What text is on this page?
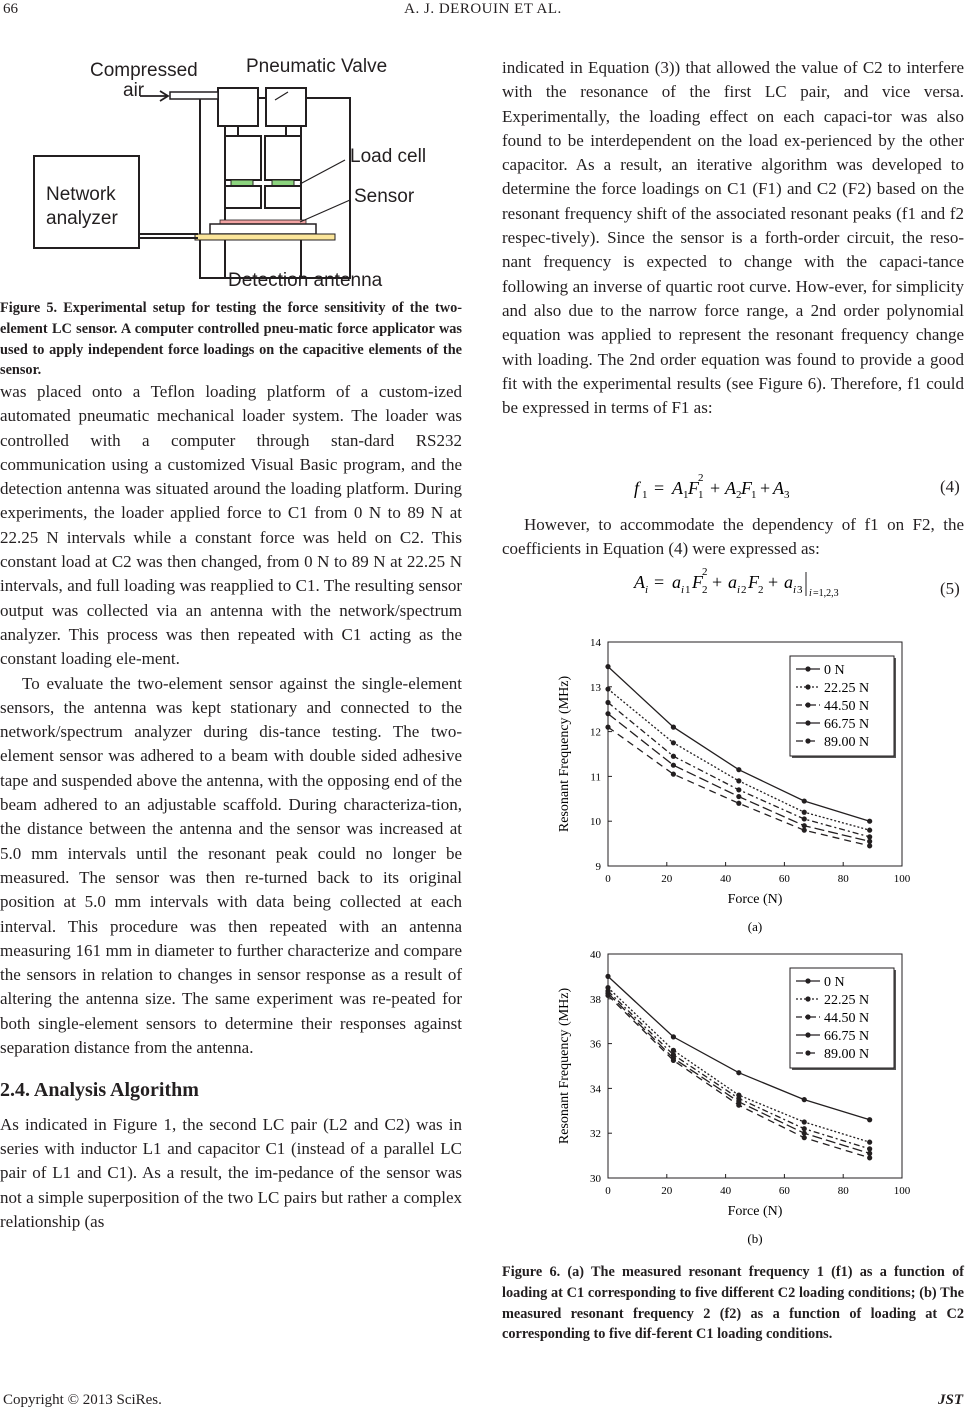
66	A. J. DEROUIN ET AL.
Compressed
air
Pneumatic Valve
Load cell
Sensor
Network
analyzer
Detection antenna
Figure 5. Experimental setup for testing the force sensitivity of the two-element LC sensor. A computer controlled pneu-matic force applicator was used to apply independent force loadings on the capacitive elements of the sensor.

was placed onto a Teflon loading platform of a custom-ized automated pneumatic mechanical loader system. The loader was controlled with a computer through stan-dard RS232 communication using a customized Visual Basic program, and the detection antenna was situated around the loading platform. During experiments, the loader applied force to C1 from 0 N to 89 N at 22.25 N intervals while a constant force was held on C2. This constant load at C2 was then changed, from 0 N to 89 N at 22.25 N intervals, and full loading was reapplied to C1. The resulting sensor output was collected via an antenna with the network/spectrum analyzer. This process was then repeated with C1 acting as the constant loading ele-ment.

To evaluate the two-element sensor against the single-element sensors, the antenna was kept stationary and connected to the network/spectrum analyzer during dis-tance testing. The two-element sensor was adhered to a beam with double sided adhesive tape and suspended above the antenna, with the opposing end of the beam adhered to an adjustable scaffold. During characteriza-tion, the distance between the antenna and the sensor was increased at 5.0 mm intervals until the resonant peak could no longer be measured. The sensor was then re-turned back to its original position at 5.0 mm intervals with data being collected at each interval. This procedure was then repeated with an antenna measuring 161 mm in diameter to further characterize and compare the sensors in relation to changes in sensor response as a result of altering the antenna size. The same experiment was re-peated for both single-element sensors to determine their responses against separation distance from the antenna.

2.4. Analysis Algorithm

As indicated in Figure 1, the second LC pair (L2 and C2) was in series with inductor L1 and capacitor C1 (instead of a parallel LC pair of L1 and C1). As a result, the im-pedance of the sensor was not a simple superposition of the two LC pairs but rather a complex relationship (as

indicated in Equation (3)) that allowed the value of C2 to interfere with the resonance of the first LC pair, and vice versa. Experimentally, the loading effect on each capaci-tor was also found to be interdependent on the load ex-perienced by the other capacitor. As a result, an iterative algorithm was developed to determine the force loadings on C1 (F1) and C2 (F2) based on the resonant frequency shift of the associated resonant peaks (f1 and f2 respec-tively). Since the sensor is a forth-order circuit, the reso-nant frequency is expected to change with the capaci-tance following an inverse of quartic root curve. How-ever, for simplicity and also due to the narrow force range, a 2nd order polynomial equation was applied to represent the resonant frequency change with loading. The 2nd order equation was found to provide a good fit with the experimental results (see Figure 6). Therefore, f1 could be expressed in terms of F1 as:
f 1 = A 1 F 1
2 + A 2 F 1 + A 3	(4)

However, to accommodate the dependency of f1 on F2, the coefficients in Equation (4) were expressed as:

A i = a i 1 F 2
2 + a i 2 F 2 + a i 3 i =1,2,3	(5)
0	20	40	60	80	100
9
10
11
12
13
14
Force (N)
Resonant Frequency (MHz)
0 N
22.25 N
44.50 N
66.75 N
89.00 N
(a)
0	20	40	60	80	100
30
32
34
36
38
40
Force (N)
Resonant Frequency (MHz)
0 N
22.25 N
44.50 N
66.75 N
89.00 N
(b)
Figure 6. (a) The measured resonant frequency 1 (f1) as a function of loading at C1 corresponding to five different C2 loading conditions; (b) The measured resonant frequency 2 (f2) as a function of loading at C2 corresponding to five dif-ferent C1 loading conditions.
Copyright © 2013 SciRes.	JST
